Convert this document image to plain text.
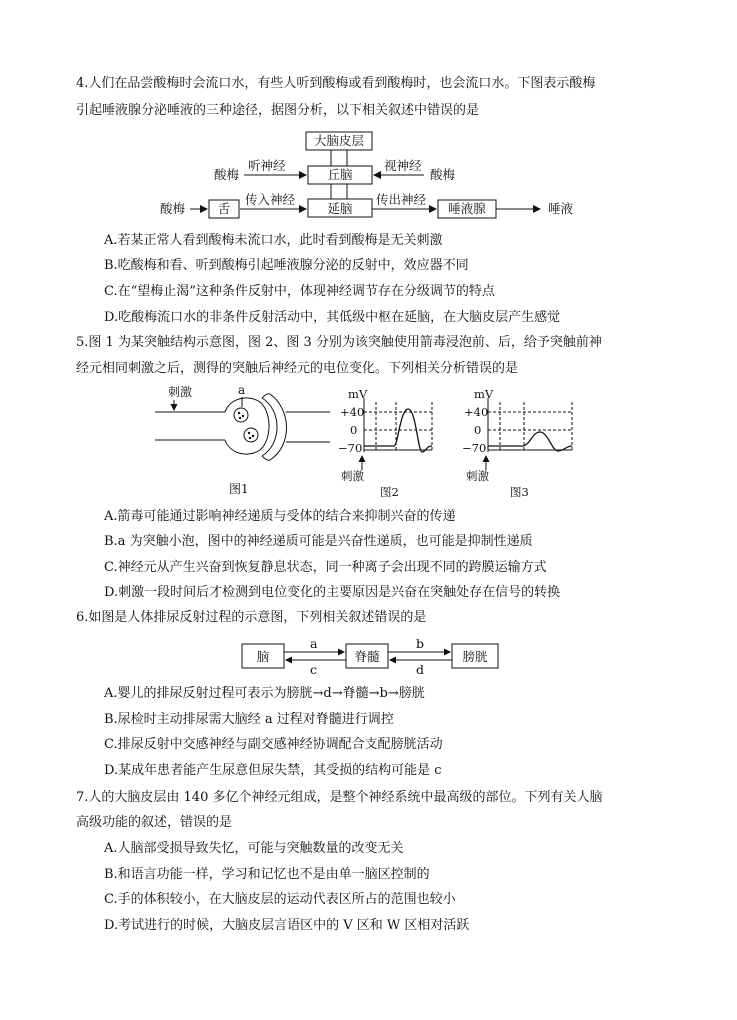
4.人们在品尝酸梅时会流口水，有些人听到酸梅或看到酸梅时，也会流口水。下图表示酸梅
引起唾液腺分泌唾液的三种途径，据图分析，以下相关叙述中错误的是
大脑皮层
丘脑
延脑
舌	唾液腺
酸梅	酸梅
酸梅
听神经	视神经
传入神经	传出神经
唾液
A.若某正常人看到酸梅未流口水，此时看到酸梅是无关刺激
B.吃酸梅和看、听到酸梅引起唾液腺分泌的反射中，效应器不同
C.在“望梅止渴”这种条件反射中，体现神经调节存在分级调节的特点
D.吃酸梅流口水的非条件反射活动中，其低级中枢在延脑，在大脑皮层产生感觉
5.图 1 为某突触结构示意图，图 2、图 3 分别为该突触使用箭毒浸泡前、后，给予突触前神
经元相同刺激之后，测得的突触后神经元的电位变化。下列相关分析错误的是
刺激	a
图1
mV
+40
0
−70
刺激
图2
mV
+40
0
−70
刺激
图3
A.箭毒可能通过影响神经递质与受体的结合来抑制兴奋的传递
B.a 为突触小泡，图中的神经递质可能是兴奋性递质，也可能是抑制性递质
C.神经元从产生兴奋到恢复静息状态，同一种离子会出现不同的跨膜运输方式
D.刺激一段时间后才检测到电位变化的主要原因是兴奋在突触处存在信号的转换
6.如图是人体排尿反射过程的示意图，下列相关叙述错误的是
脑	脊髓	膀胱
a
c
b
d
A.婴儿的排尿反射过程可表示为膀胱→d→脊髓→b→膀胱
B.尿检时主动排尿需大脑经 a 过程对脊髓进行调控
C.排尿反射中交感神经与副交感神经协调配合支配膀胱活动
D.某成年患者能产生尿意但尿失禁，其受损的结构可能是 c
7.人的大脑皮层由 140 多亿个神经元组成，是整个神经系统中最高级的部位。下列有关人脑
高级功能的叙述，错误的是
A.人脑部受损导致失忆，可能与突触数量的改变无关
B.和语言功能一样，学习和记忆也不是由单一脑区控制的
C.手的体积较小，在大脑皮层的运动代表区所占的范围也较小
D.考试进行的时候，大脑皮层言语区中的 V 区和 W 区相对活跃
